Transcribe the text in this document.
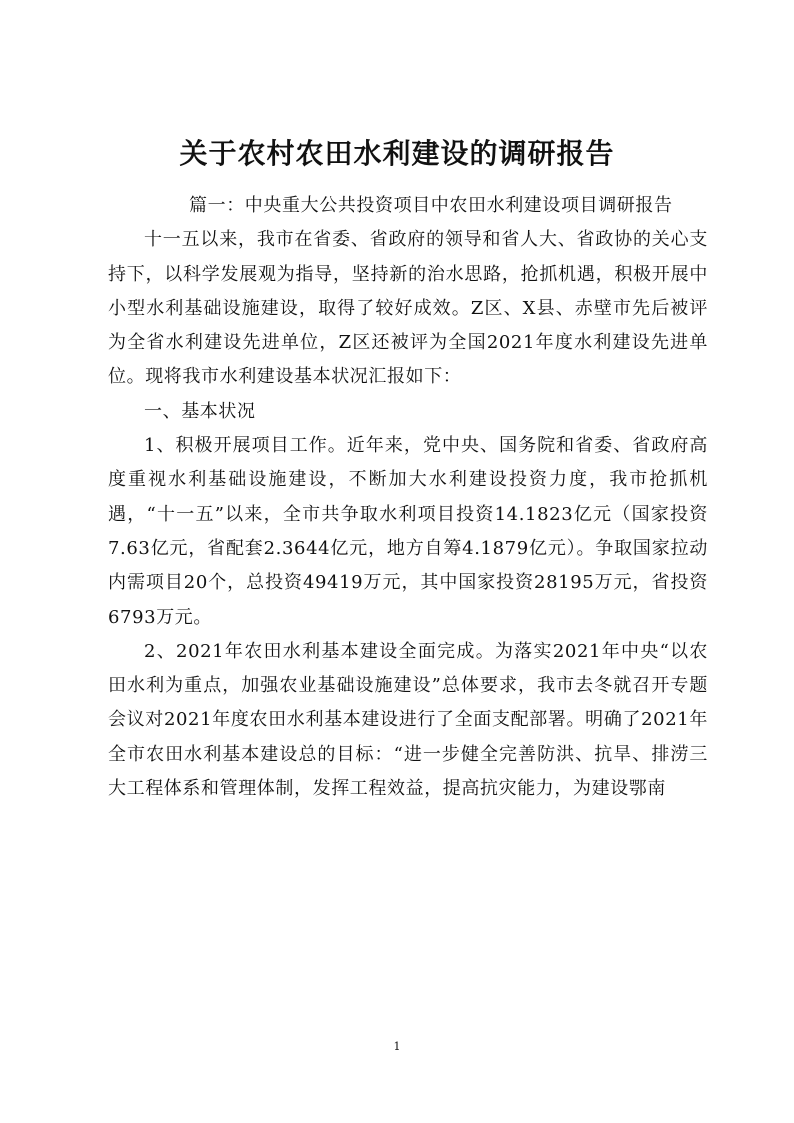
关于农村农田水利建设的调研报告

篇一：中央重大公共投资项目中农田水利建设项目调研报告

十一五以来，我市在省委、省政府的领导和省人大、省政协的关心支持下，以科学发展观为指导，坚持新的治水思路，抢抓机遇，积极开展中小型水利基础设施建设，取得了较好成效。Z区、X县、赤壁市先后被评为全省水利建设先进单位，Z区还被评为全国2021年度水利建设先进单位。现将我市水利建设基本状况汇报如下：

一、基本状况

1、积极开展项目工作。近年来，党中央、国务院和省委、省政府高度重视水利基础设施建设，不断加大水利建设投资力度，我市抢抓机遇，“十一五”以来，全市共争取水利项目投资14.1823亿元（国家投资7.63亿元，省配套2.3644亿元，地方自筹4.1879亿元）。争取国家拉动内需项目20个，总投资49419万元，其中国家投资28195万元，省投资6793万元。

2、2021年农田水利基本建设全面完成。为落实2021年中央“以农田水利为重点，加强农业基础设施建设”总体要求，我市去冬就召开专题会议对2021年度农田水利基本建设进行了全面支配部署。明确了2021年全市农田水利基本建设总的目标：“进一步健全完善防洪、抗旱、排涝三大工程体系和管理体制，发挥工程效益，提高抗灾能力，为建设鄂南

1
